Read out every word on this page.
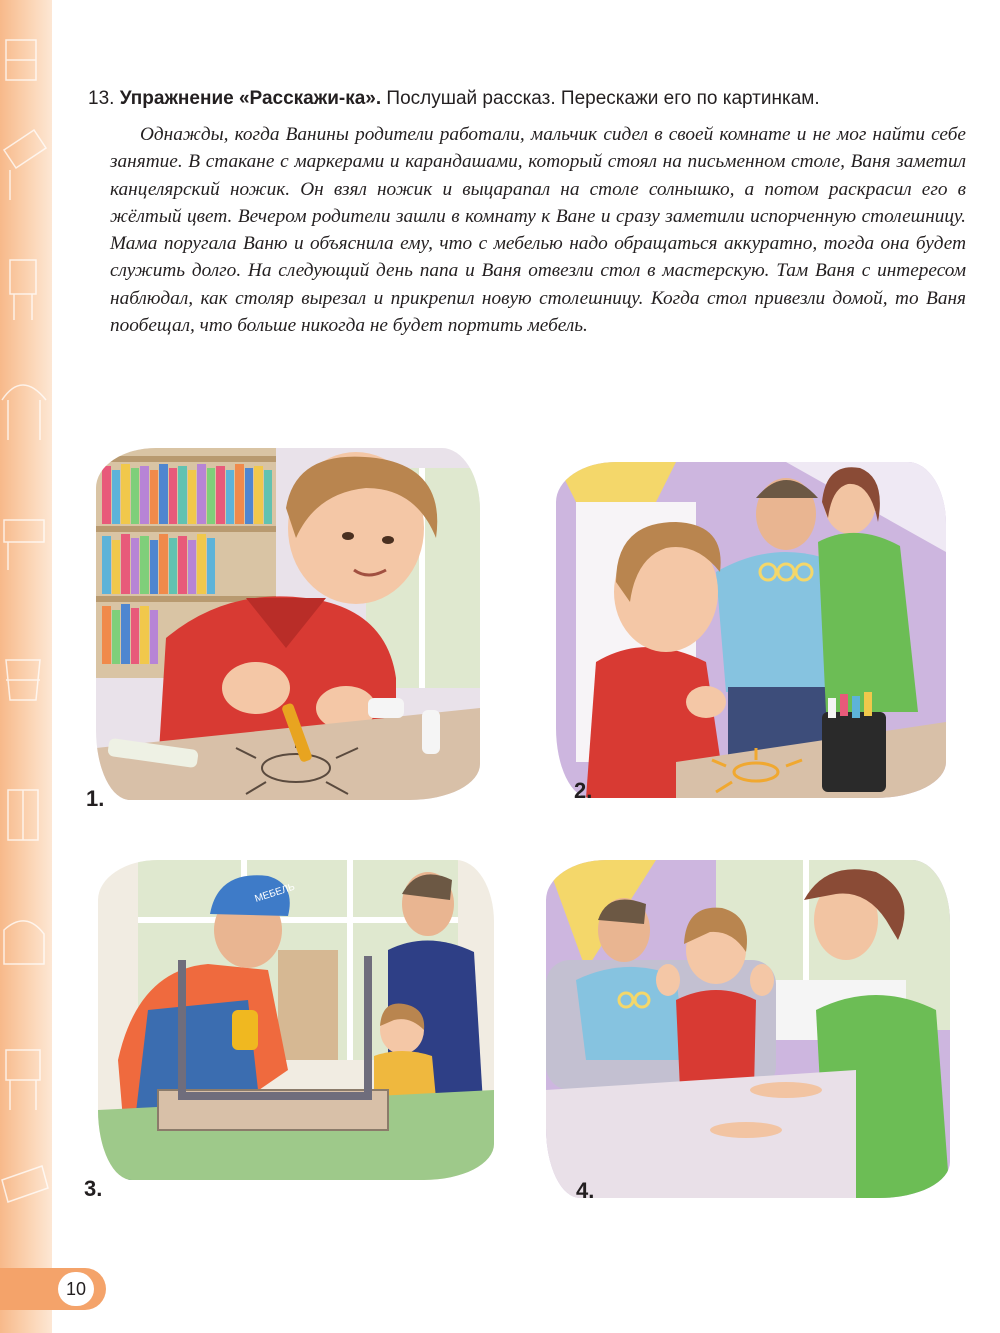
13. Упражнение «Расскажи-ка». Послушай рассказ. Перескажи его по картинкам.
Однажды, когда Ванины родители работали, мальчик сидел в своей комнате и не мог найти себе занятие. В стакане с маркерами и карандашами, который стоял на письменном столе, Ваня заметил канцелярский ножик. Он взял ножик и выцарапал на столе солнышко, а потом раскрасил его в жёлтый цвет. Вечером родители зашли в комнату к Ване и сразу заметили испорченную столешницу. Мама поругала Ваню и объяснила ему, что с мебелью надо обращаться аккуратно, тогда она будет служить долго. На следующий день папа и Ваня отвезли стол в мастерскую. Там Ваня с интересом наблюдал, как столяр вырезал и прикрепил новую столешницу. Когда стол привезли домой, то Ваня пообещал, что больше никогда не будет портить мебель.
1.	2.
МЕБЕЛЬ
3.	4.
10
